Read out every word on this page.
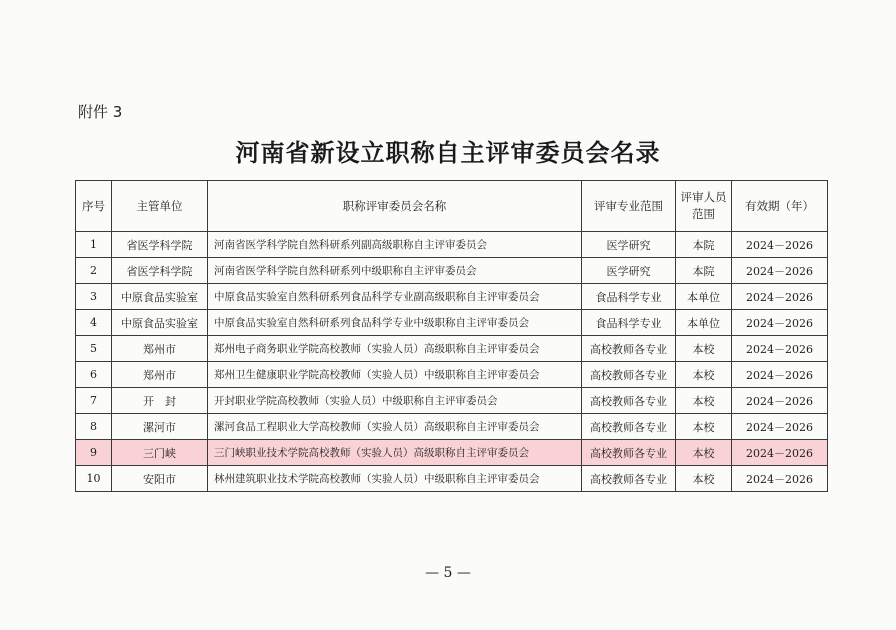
附件 3
河南省新设立职称自主评审委员会名录
序号	主管单位	职称评审委员会名称	评审专业范围	评审人员范围	有效期（年）
1	省医学科学院	河南省医学科学院自然科研系列副高级职称自主评审委员会	医学研究	本院	2024－2026
2	省医学科学院	河南省医学科学院自然科研系列中级职称自主评审委员会	医学研究	本院	2024－2026
3	中原食品实验室	中原食品实验室自然科研系列食品科学专业副高级职称自主评审委员会	食品科学专业	本单位	2024－2026
4	中原食品实验室	中原食品实验室自然科研系列食品科学专业中级职称自主评审委员会	食品科学专业	本单位	2024－2026
5	郑州市	郑州电子商务职业学院高校教师（实验人员）高级职称自主评审委员会	高校教师各专业	本校	2024－2026
6	郑州市	郑州卫生健康职业学院高校教师（实验人员）中级职称自主评审委员会	高校教师各专业	本校	2024－2026
7	开　封	开封职业学院高校教师（实验人员）中级职称自主评审委员会	高校教师各专业	本校	2024－2026
8	漯河市	漯河食品工程职业大学高校教师（实验人员）高级职称自主评审委员会	高校教师各专业	本校	2024－2026
9	三门峡	三门峡职业技术学院高校教师（实验人员）高级职称自主评审委员会	高校教师各专业	本校	2024－2026
10	安阳市	林州建筑职业技术学院高校教师（实验人员）中级职称自主评审委员会	高校教师各专业	本校	2024－2026
— 5 —
